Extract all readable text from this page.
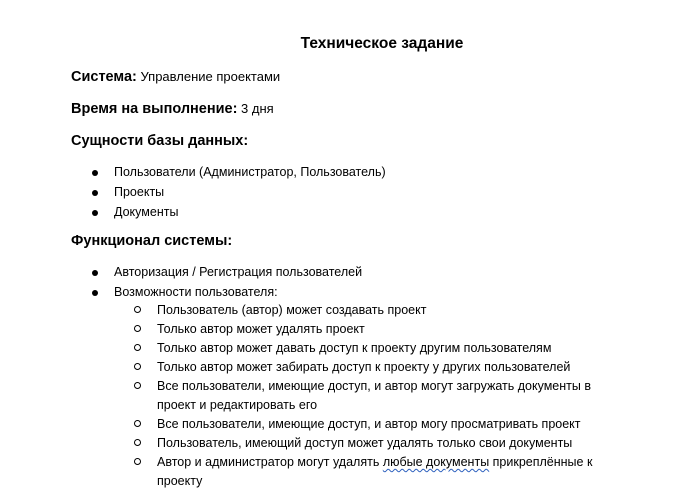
Техническое задание
Система: Управление проектами
Время на выполнение: 3 дня
Сущности базы данных:
Пользователи (Администратор, Пользователь)
Проекты
Документы
Функционал системы:
Авторизация / Регистрация пользователей
Возможности пользователя:
Пользователь (автор) может создавать проект
Только автор может удалять проект
Только автор может давать доступ к проекту другим пользователям
Только автор может забирать доступ к проекту у других пользователей
Все пользователи, имеющие доступ, и автор могут загружать документы в проект и редактировать его
Все пользователи, имеющие доступ, и автор могу просматривать проект
Пользователь, имеющий доступ может удалять только свои документы
Автор и администратор могут удалять любые документы прикреплённые к проекту
